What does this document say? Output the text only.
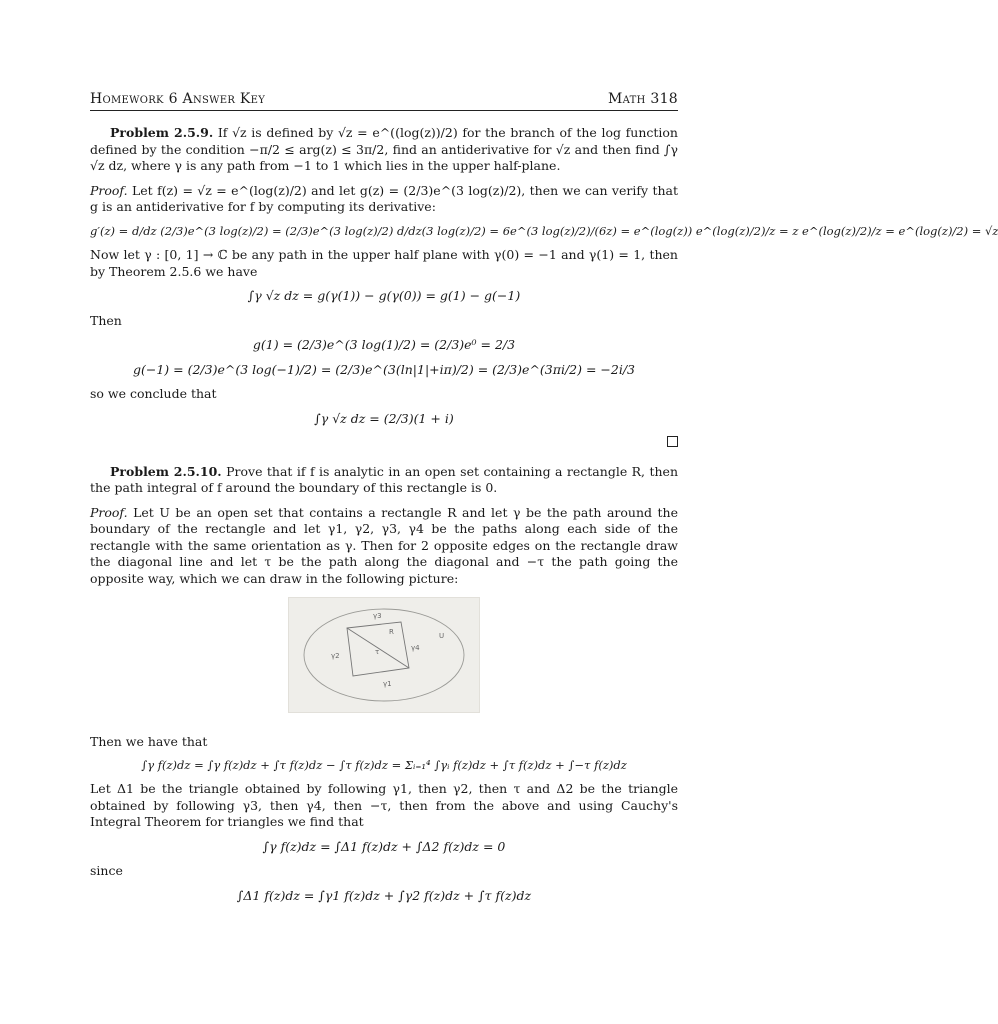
Homework 6 Answer Key	Math 318

Problem 2.5.9. If √z is defined by √z = e^((log(z))/2) for the branch of the log function defined by the condition −π/2 ≤ arg(z) ≤ 3π/2, find an antiderivative for √z and then find ∫γ √z dz, where γ is any path from −1 to 1 which lies in the upper half-plane.

Proof. Let f(z) = √z = e^(log(z)/2) and let g(z) = (2/3)e^(3 log(z)/2), then we can verify that g is an antiderivative for f by computing its derivative:

g′(z) = d/dz (2/3)e^(3 log(z)/2) = (2/3)e^(3 log(z)/2) d/dz(3 log(z)/2) = 6e^(3 log(z)/2)/(6z) = e^(log(z)) e^(log(z)/2)/z = z e^(log(z)/2)/z = e^(log(z)/2) = √z

Now let γ : [0, 1] → ℂ be any path in the upper half plane with γ(0) = −1 and γ(1) = 1, then by Theorem 2.5.6 we have

∫γ √z dz = g(γ(1)) − g(γ(0)) = g(1) − g(−1)

Then

g(1) = (2/3)e^(3 log(1)/2) = (2/3)e⁰ = 2/3
g(−1) = (2/3)e^(3 log(−1)/2) = (2/3)e^(3(ln|1|+iπ)/2) = (2/3)e^(3πi/2) = −2i/3

so we conclude that

∫γ √z dz = (2/3)(1 + i)

Problem 2.5.10. Prove that if f is analytic in an open set containing a rectangle R, then the path integral of f around the boundary of this rectangle is 0.

Proof. Let U be an open set that contains a rectangle R and let γ be the path around the boundary of the rectangle and let γ1, γ2, γ3, γ4 be the paths along each side of the rectangle with the same orientation as γ. Then for 2 opposite edges on the rectangle draw the diagonal line and let τ be the path along the diagonal and −τ the path going the opposite way, which we can draw in the following picture:

γ3
R
γ4
γ2	τ
γ1
U

Then we have that

∫γ f(z)dz = ∫γ f(z)dz + ∫τ f(z)dz − ∫τ f(z)dz = Σᵢ₌₁⁴ ∫γᵢ f(z)dz + ∫τ f(z)dz + ∫−τ f(z)dz

Let Δ1 be the triangle obtained by following γ1, then γ2, then τ and Δ2 be the triangle obtained by following γ3, then γ4, then −τ, then from the above and using Cauchy's Integral Theorem for triangles we find that

∫γ f(z)dz = ∫Δ1 f(z)dz + ∫Δ2 f(z)dz = 0

since

∫Δ1 f(z)dz = ∫γ1 f(z)dz + ∫γ2 f(z)dz + ∫τ f(z)dz
